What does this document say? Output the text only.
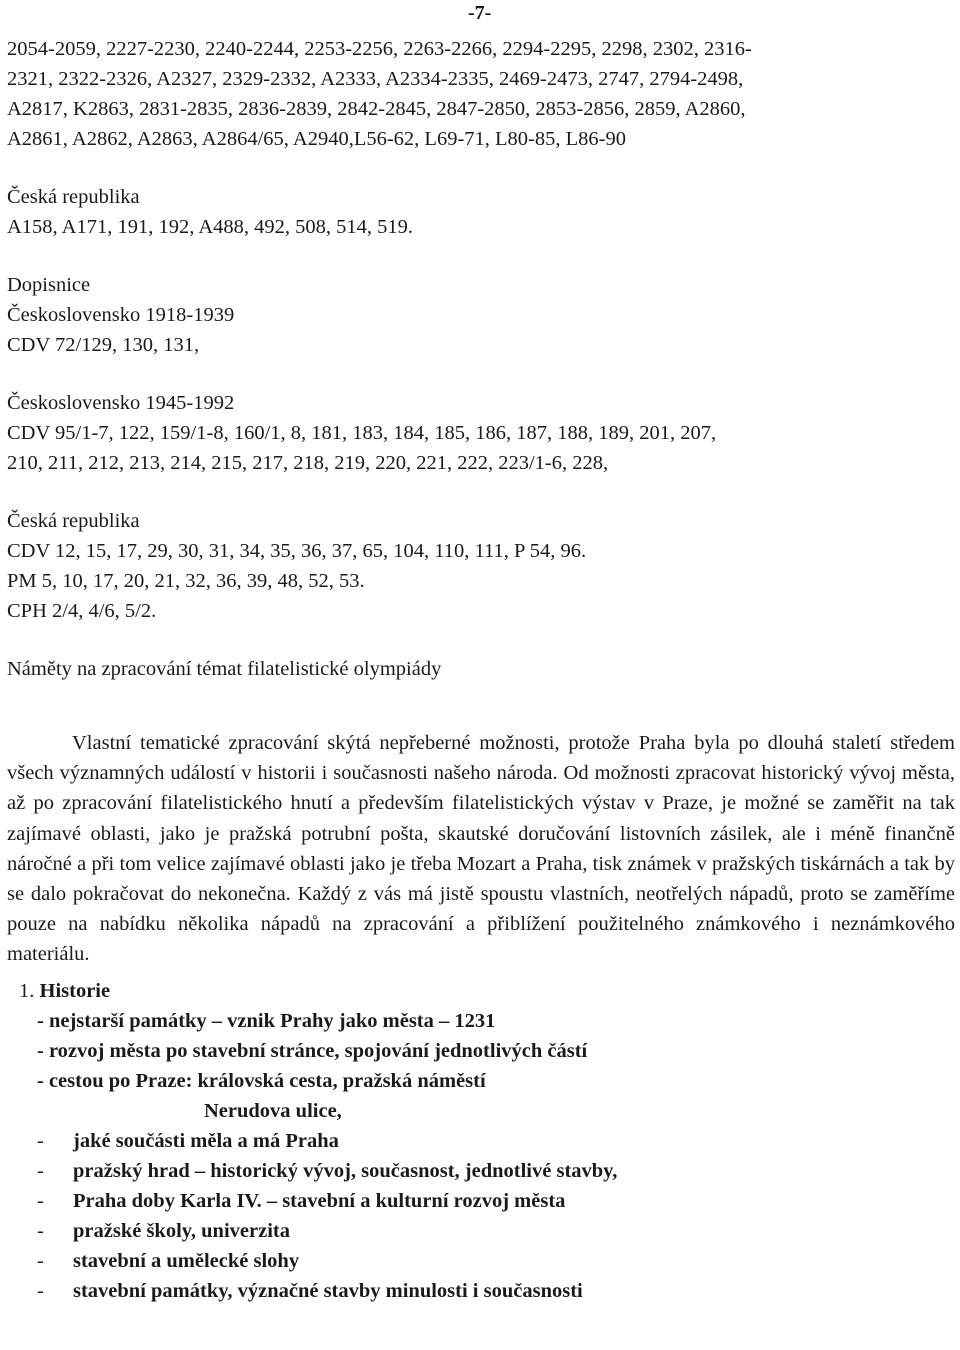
-7-
2054-2059, 2227-2230, 2240-2244, 2253-2256, 2263-2266, 2294-2295, 2298, 2302, 2316-
2321, 2322-2326, A2327, 2329-2332, A2333, A2334-2335, 2469-2473, 2747, 2794-2498,
A2817, K2863, 2831-2835, 2836-2839, 2842-2845, 2847-2850, 2853-2856, 2859, A2860,
A2861, A2862, A2863, A2864/65, A2940,L56-62, L69-71, L80-85, L86-90
Česká republika
A158, A171, 191, 192, A488, 492, 508, 514, 519.
Dopisnice
Československo 1918-1939
CDV 72/129, 130, 131,
Československo 1945-1992
CDV 95/1-7, 122, 159/1-8, 160/1, 8, 181, 183, 184, 185, 186, 187, 188, 189, 201, 207,
210, 211, 212, 213, 214, 215, 217, 218, 219, 220, 221, 222, 223/1-6, 228,
Česká republika
CDV 12, 15, 17, 29, 30, 31, 34, 35, 36, 37, 65, 104, 110, 111, P 54, 96.
PM 5, 10, 17, 20, 21, 32, 36, 39, 48, 52, 53.
CPH 2/4, 4/6, 5/2.
Náměty na zpracování témat filatelistické olympiády

Vlastní tematické zpracování skýtá nepřeberné možnosti, protože Praha byla po dlouhá staletí středem všech významných událostí v historii i současnosti našeho národa. Od možnosti zpracovat historický vývoj města, až po zpracování filatelistického hnutí a především filatelistických výstav v Praze, je možné se zaměřit na tak zajímavé oblasti, jako je pražská potrubní pošta, skautské doručování listovních zásilek, ale i méně finančně náročné a při tom velice zajímavé oblasti jako je třeba Mozart a Praha, tisk známek v pražských tiskárnách a tak by se dalo pokračovat do nekonečna. Každý z vás má jistě spoustu vlastních, neotřelých nápadů, proto se zaměříme pouze na nabídku několika nápadů na zpracování a přiblížení použitelného známkového i neznámkového materiálu.

1. Historie
- nejstarší památky – vznik Prahy jako města – 1231
- rozvoj města po stavební stránce, spojování jednotlivých částí
- cestou po Praze: královská cesta, pražská náměstí
Nerudova ulice,
-	jaké součásti měla a má Praha
-	pražský hrad – historický vývoj, současnost, jednotlivé stavby,
-	Praha doby Karla IV. – stavební a kulturní rozvoj města
-	pražské školy, univerzita
-	stavební a umělecké slohy
-	stavební památky, význačné stavby minulosti i současnosti
